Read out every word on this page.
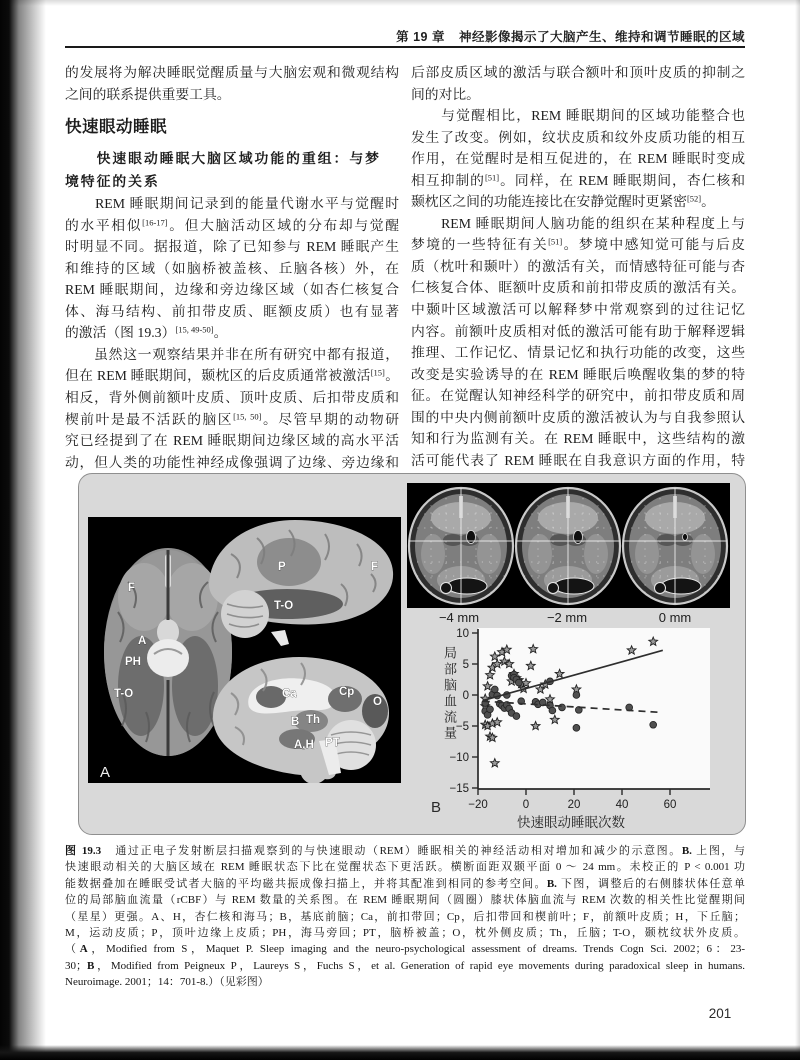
第 19 章 神经影像揭示了大脑产生、维持和调节睡眠的区域
的发展将为解决睡眠觉醒质量与大脑宏观和微观结构
之间的联系提供重要工具。
快速眼动睡眠
　　快速眼动睡眠大脑区域功能的重组：与梦
境特征的关系
　　REM 睡眠期间记录到的能量代谢水平与觉醒时
的水平相似[16-17]。但大脑活动区域的分布却与觉醒
时明显不同。据报道，除了已知参与 REM 睡眠产生
和维持的区域（如脑桥被盖核、丘脑各核）外，在
REM 睡眠期间，边缘和旁边缘区域（如杏仁核复合
体、海马结构、前扣带皮质、眶额皮质）也有显著
的激活（图 19.3）[15, 49-50]。
　　虽然这一观察结果并非在所有研究中都有报道，
但在 REM 睡眠期间，颞枕区的后皮质通常被激活[15]。
相反，背外侧前额叶皮质、顶叶皮质、后扣带皮质和
楔前叶是最不活跃的脑区[15, 50]。尽管早期的动物研
究已经提到了在 REM 睡眠期间边缘区域的高水平活
动，但人类的功能性神经成像强调了边缘、旁边缘和
后部皮质区域的激活与联合额叶和顶叶皮质的抑制之
间的对比。
　　与觉醒相比，REM 睡眠期间的区域功能整合也
发生了改变。例如，纹状皮质和纹外皮质功能的相互
作用，在觉醒时是相互促进的，在 REM 睡眠时变成
相互抑制的[51]。同样，在 REM 睡眠期间，杏仁核和
颞枕区之间的功能连接比在安静觉醒时更紧密[52]。
　　REM 睡眠期间人脑功能的组织在某种程度上与
梦境的一些特征有关[51]。梦境中感知觉可能与后皮
质（枕叶和颞叶）的激活有关，而情感特征可能与杏
仁核复合体、眶额叶皮质和前扣带皮质的激活有关。
中颞叶区域激活可以解释梦中常观察到的过往记忆
内容。前额叶皮质相对低的激活可能有助于解释逻辑
推理、工作记忆、情景记忆和执行功能的改变，这些
改变是实验诱导的在 REM 睡眠后唤醒收集的梦的特
征。在觉醒认知神经科学的研究中，前扣带皮质和周
围的中央内侧前额叶皮质的激活被认为与自我参照认
知和行为监测有关。在 REM 睡眠中，这些结构的激
活可能代表了 REM 睡眠在自我意识方面的作用，特
F
A
PH
T-O
P
T-O
F
Ca	Cp
O
B Th
A,H PT
A
−4 mm	−2 mm	0 mm
10
5
0
−5
−10
−15
−20	0	20	40	60
快速眼动睡眠次数
局部脑血流量
B
图 19.3　通过正电子发射断层扫描观察到的与快速眼动（REM）睡眠相关的神经活动相对增加和减少的示意图。B. 上图，与
快速眼动相关的大脑区域在 REM 睡眠状态下比在觉醒状态下更活跃。横断面距双颞平面 0 ～ 24 mm。未校正的 P < 0.001 功
能数据叠加在睡眠受试者大脑的平均磁共振成像扫描上，并将其配准到相同的参考空间。B. 下图，调整后的右侧膝状体任意单
位的局部脑血流量（rCBF）与 REM 数量的关系图。在 REM 睡眠期间（圆圈）膝状体脑血流与 REM 次数的相关性比觉醒期间
（星星）更强。A、H，杏仁核和海马；B，基底前脑；Ca，前扣带回；Cp，后扣带回和楔前叶；F，前额叶皮质；H，下丘脑；
M，运动皮质；P，顶叶边缘上皮质；PH，海马旁回；PT，脑桥被盖；O，枕外侧皮质；Th，丘脑；T-O，颞枕纹状外皮质。
（A，Modified from S，Maquet P. Sleep imaging and the neuro-psychological assessment of dreams. Trends Cogn Sci. 2002；6：23-
30；B，Modified from Peigneux P，Laureys S，Fuchs S，et al. Generation of rapid eye movements during paradoxical sleep in humans.
Neuroimage. 2001；14：701-8.）（见彩图）
201
